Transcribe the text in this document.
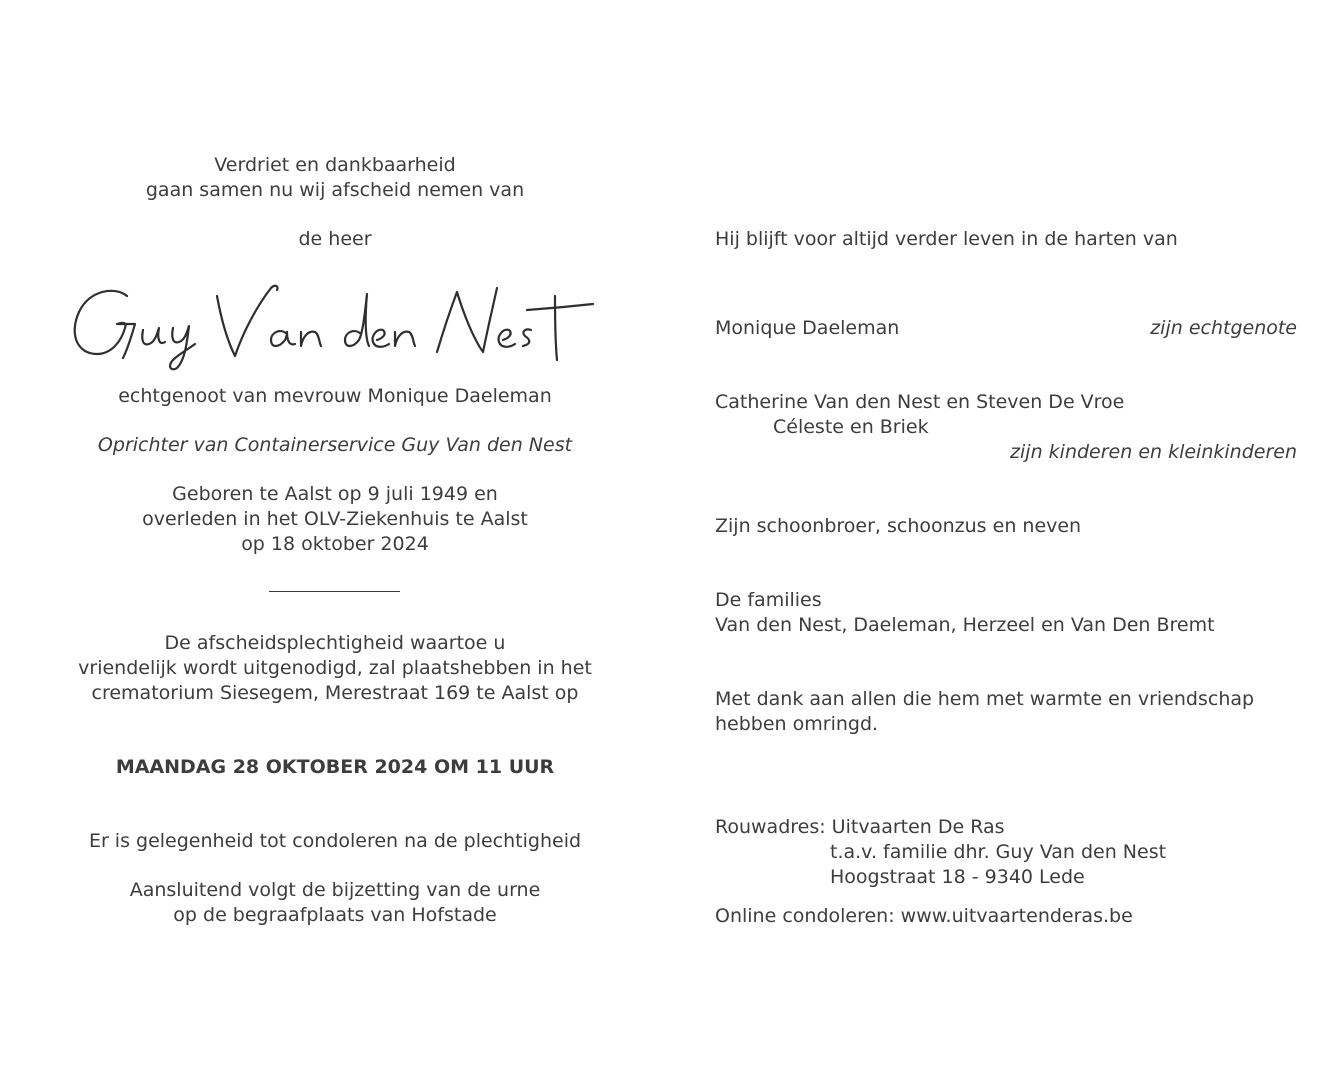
Verdriet en dankbaarheid
gaan samen nu wij afscheid nemen van
de heer
echtgenoot van mevrouw Monique Daeleman
Oprichter van Containerservice Guy Van den Nest
Geboren te Aalst op 9 juli 1949 en
overleden in het OLV-Ziekenhuis te Aalst
op 18 oktober 2024
De afscheidsplechtigheid waartoe u
vriendelijk wordt uitgenodigd, zal plaatshebben in het
crematorium Siesegem, Merestraat 169 te Aalst op
MAANDAG 28 OKTOBER 2024 OM 11 UUR
Er is gelegenheid tot condoleren na de plechtigheid
Aansluitend volgt de bijzetting van de urne
op de begraafplaats van Hofstade
Hij blijft voor altijd verder leven in de harten van
Monique Daeleman	zijn echtgenote
Catherine Van den Nest en Steven De Vroe
Céleste en Briek
zijn kinderen en kleinkinderen
Zijn schoonbroer, schoonzus en neven
De families
Van den Nest, Daeleman, Herzeel en Van Den Bremt
Met dank aan allen die hem met warmte en vriendschap
hebben omringd.
Rouwadres: Uitvaarten De Ras
t.a.v. familie dhr. Guy Van den Nest
Hoogstraat 18 - 9340 Lede
Online condoleren: www.uitvaartenderas.be
